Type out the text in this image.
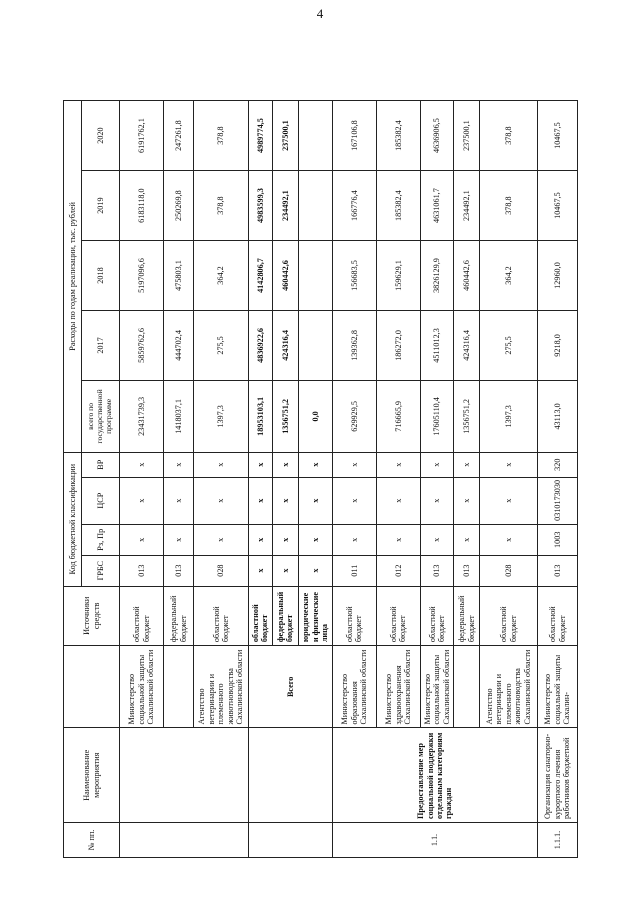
4
№ пп.	Наименование мероприятия		Источники средств	Код бюджетной классификации				Расходы по годам реализации, тыс. рублей				
				ГРБС	Рз, Пр	ЦСР	ВР	всего по государственной программе	2017	2018	2019	2020
		Министерство социальной защиты Сахалинской области	областной бюджет	013	x	x	x	23431739,3	5859762,6	5197096,6	6183118,0	6191762,1
			федеральный бюджет	013	x	x	x	1418037,1	444702,4	475803,1	250269,8	247261,8
		Агентство ветеринарии и племенного животноводства Сахалинской области	областной бюджет	028	x	x	x	1397,3	275,5	364,2	378,8	378,8
		Всего	областной бюджет	x	x	x	x	18953103,1	4836922,6	4142806,7	4983599,3	4989774,5
			федеральный бюджет	x	x	x	x	1356751,2	424316,4	460442,6	234492,1	237500,1
			юридические и физические лица	x	x	x	x	0,0				
1.1.	Предоставление мер социальной поддержки отдельным категориям граждан	Министерство образования Сахалинской области	областной бюджет	011	x	x	x	629929,5	139362,8	156683,5	166776,4	167106,8
		Министерство здравоохранения Сахалинской области	областной бюджет	012	x	x	x	716665,9	186272,0	159629,1	185382,4	185382,4
		Министерство социальной защиты Сахалинской области	областной бюджет	013	x	x	x	17605110,4	4511012,3	3826129,9	4631061,7	4636906,5
			федеральный бюджет	013	x	x	x	1356751,2	424316,4	460442,6	234492,1	237500,1
		Агентство ветеринарии и племенного животноводства Сахалинской области	областной бюджет	028	x	x	x	1397,3	275,5	364,2	378,8	378,8
1.1.1.	Организация санаторно-курортного лечения работников бюджетной	Министерство социальной защиты Сахалин-	областной бюджет	013	1003	0310173030	320	43113,0	9218,0	12960,0	10467,5	10467,5
